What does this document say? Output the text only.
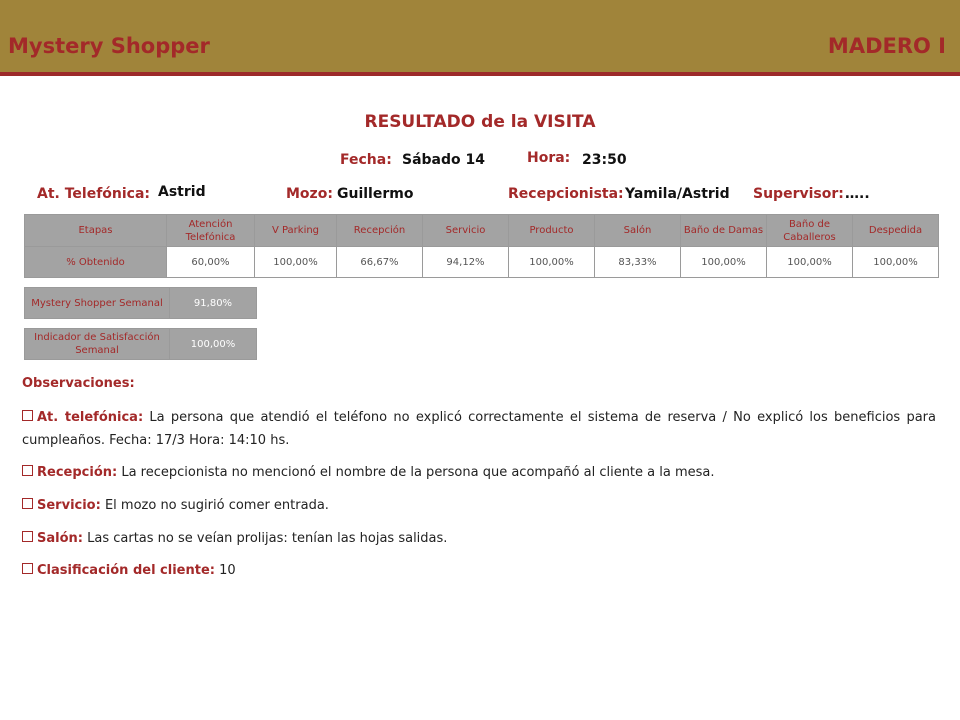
Mystery Shopper	MADERO I
RESULTADO de la VISITA
Fecha: Sábado 14	Hora: 23:50
At. Telefónica: Astrid	Mozo: Guillermo	Recepcionista: Yamila/Astrid Supervisor: …..
Etapas	Atención Telefónica	V Parking	Recepción	Servicio	Producto	Salón	Baño de Damas	Baño de Caballeros	Despedida
% Obtenido	60,00%	100,00%	66,67%	94,12%	100,00%	83,33%	100,00%	100,00%	100,00%
Mystery Shopper Semanal	91,80%
Indicador de Satisfacción Semanal	100,00%
Observaciones:
At. telefónica: La persona que atendió el teléfono no explicó correctamente el sistema de reserva / No explicó los beneficios para cumpleaños. Fecha: 17/3 Hora: 14:10 hs.
Recepción: La recepcionista no mencionó el nombre de la persona que acompañó al cliente a la mesa.
Servicio: El mozo no sugirió comer entrada.
Salón: Las cartas no se veían prolijas: tenían las hojas salidas.
Clasificación del cliente: 10
